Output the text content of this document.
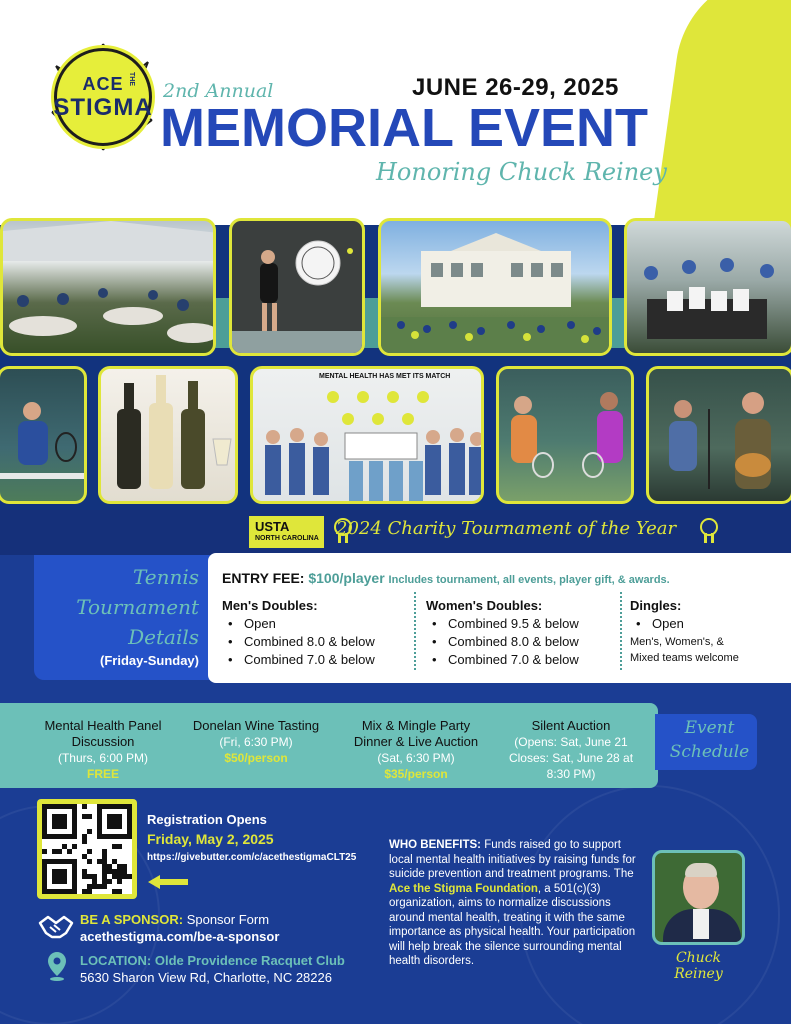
ACE THE
STIGMA
2nd Annual	JUNE 26-29, 2025
MEMORIAL EVENT
Honoring Chuck Reiney
MENTAL HEALTH HAS MET ITS MATCH
USTA
NORTH CAROLINA 2024 Charity Tournament of the Year
Tennis
Tournament
Details
(Friday-Sunday)
ENTRY FEE: $100/player Includes tournament, all events, player gift, & awards.
Men's Doubles:
• Open
• Combined 8.0 & below
• Combined 7.0 & below
Women's Doubles:
• Combined 9.5 & below
• Combined 8.0 & below
• Combined 7.0 & below
Dingles:
• Open
Men's, Women's, &
Mixed teams welcome
Event
Schedule
Mental Health Panel
Discussion
(Thurs, 6:00 PM)
FREE
Donelan Wine Tasting
(Fri, 6:30 PM)
$50/person
Mix & Mingle Party
Dinner & Live Auction
(Sat, 6:30 PM)
$35/person
Silent Auction
(Opens: Sat, June 21
Closes: Sat, June 28 at
8:30 PM)
Registration Opens
Friday, May 2, 2025
https://givebutter.com/c/acethestigmaCLT25
BE A SPONSOR: Sponsor Form
acethestigma.com/be-a-sponsor
LOCATION: Olde Providence Racquet Club
5630 Sharon View Rd, Charlotte, NC 28226
WHO BENEFITS: Funds raised go to support local mental health initiatives by raising funds for suicide prevention and treatment programs. The Ace the Stigma Foundation, a 501(c)(3) organization, aims to normalize discussions around mental health, treating it with the same importance as physical health. Your participation will help break the silence surrounding mental health disorders.	Chuck Reiney
